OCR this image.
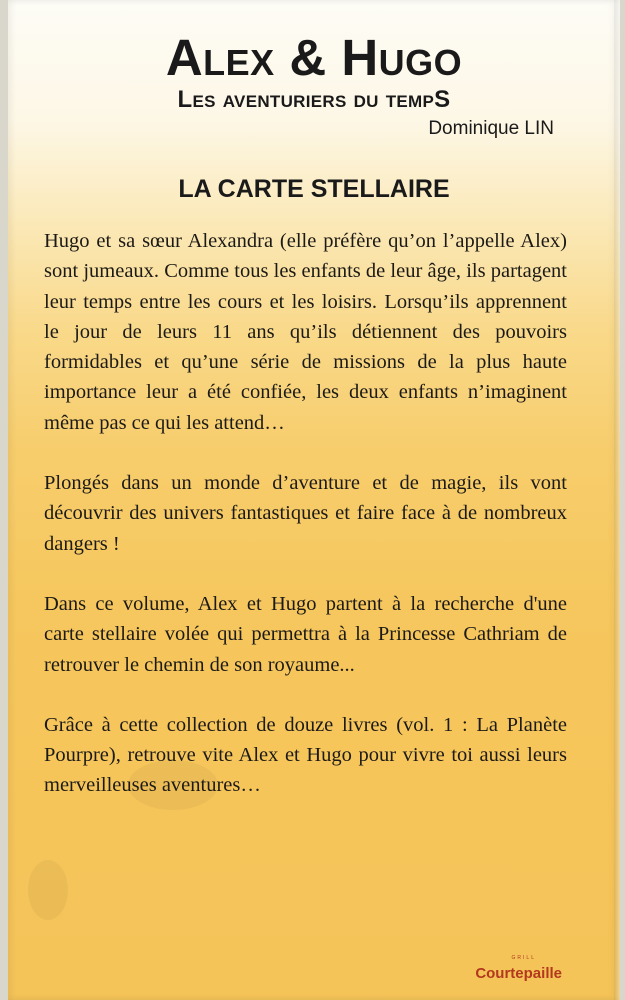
Alex & Hugo
Les aventuriers du tempS
Dominique LIN
LA CARTE STELLAIRE

Hugo et sa sœur Alexandra (elle préfère qu’on l’appelle Alex) sont jumeaux. Comme tous les enfants de leur âge, ils partagent leur temps entre les cours et les loisirs. Lorsqu’ils apprennent le jour de leurs 11 ans qu’ils détiennent des pouvoirs formidables et qu’une série de missions de la plus haute importance leur a été confiée, les deux enfants n’imaginent même pas ce qui les attend…

Plongés dans un monde d’aventure et de magie, ils vont découvrir des univers fantastiques et faire face à de nombreux dangers !

Dans ce volume, Alex et Hugo partent à la recherche d'une carte stellaire volée qui permettra à la Princesse Cathriam de retrouver le chemin de son royaume...

Grâce à cette collection de douze livres (vol. 1 : La Planète Pourpre), retrouve vite Alex et Hugo pour vivre toi aussi leurs merveilleuses aventures…

GRILL
Courtepaille
